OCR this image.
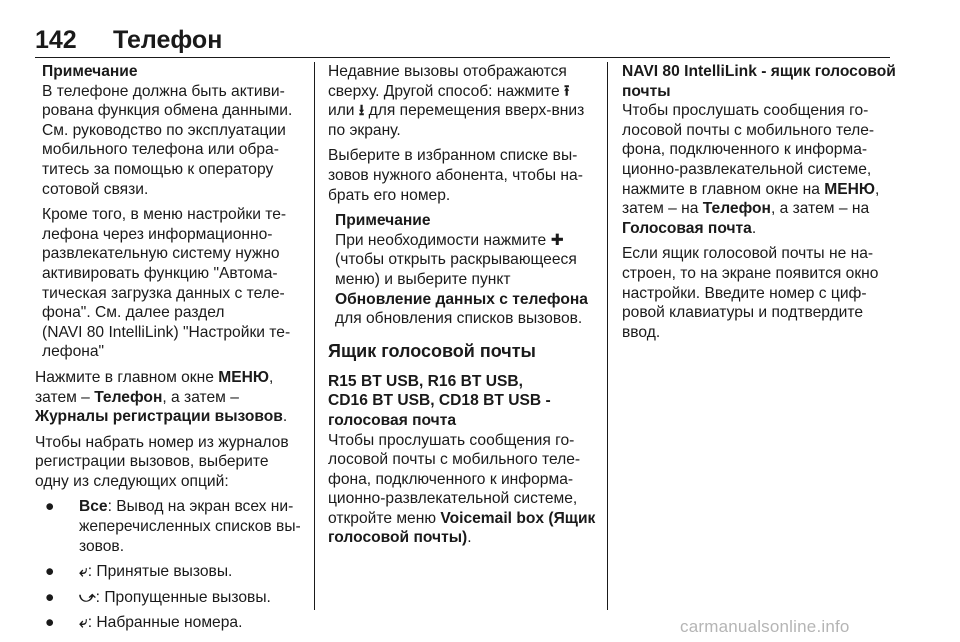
142 Телефон
Примечание
В телефоне должна быть активи-
рована функция обмена данными.
См. руководство по эксплуатации
мобильного телефона или обра-
титесь за помощью к оператору
сотовой связи.
Кроме того, в меню настройки те-
лефона через информационно-
развлекательную систему нужно
активировать функцию "Автома-
тическая загрузка данных с теле-
фона". См. далее раздел
(NAVI 80 IntelliLink) "Настройки те-
лефона"
Нажмите в главном окне МЕНЮ,
затем – Телефон, а затем –
Журналы регистрации вызовов.
Чтобы набрать номер из журналов
регистрации вызовов, выберите
одну из следующих опций:
● Все: Вывод на экран всех ни-
жеперечисленных списков вы-
зовов.
● ⤶: Принятые вызовы.
● ⤻: Пропущенные вызовы.
● ⤶: Набранные номера.
Недавние вызовы отображаются
сверху. Другой способ: нажмите ⭱
или ⭳ для перемещения вверх-вниз
по экрану.
Выберите в избранном списке вы-
зовов нужного абонента, чтобы на-
брать его номер.
Примечание
При необходимости нажмите ✚
(чтобы открыть раскрывающееся
меню) и выберите пункт
Обновление данных с телефона
для обновления списков вызовов.
Ящик голосовой почты
R15 BT USB, R16 BT USB,
CD16 BT USB, CD18 BT USB -
голосовая почта
Чтобы прослушать сообщения го-
лосовой почты с мобильного теле-
фона, подключенного к информа-
ционно-развлекательной системе,
откройте меню Voicemail box (Ящик
голосовой почты).
NAVI 80 IntelliLink - ящик голосовой
почты
Чтобы прослушать сообщения го-
лосовой почты с мобильного теле-
фона, подключенного к информа-
ционно-развлекательной системе,
нажмите в главном окне на МЕНЮ,
затем – на Телефон, а затем – на
Голосовая почта.
Если ящик голосовой почты не на-
строен, то на экране появится окно
настройки. Введите номер с циф-
ровой клавиатуры и подтвердите
ввод.
carmanualsonline.info
